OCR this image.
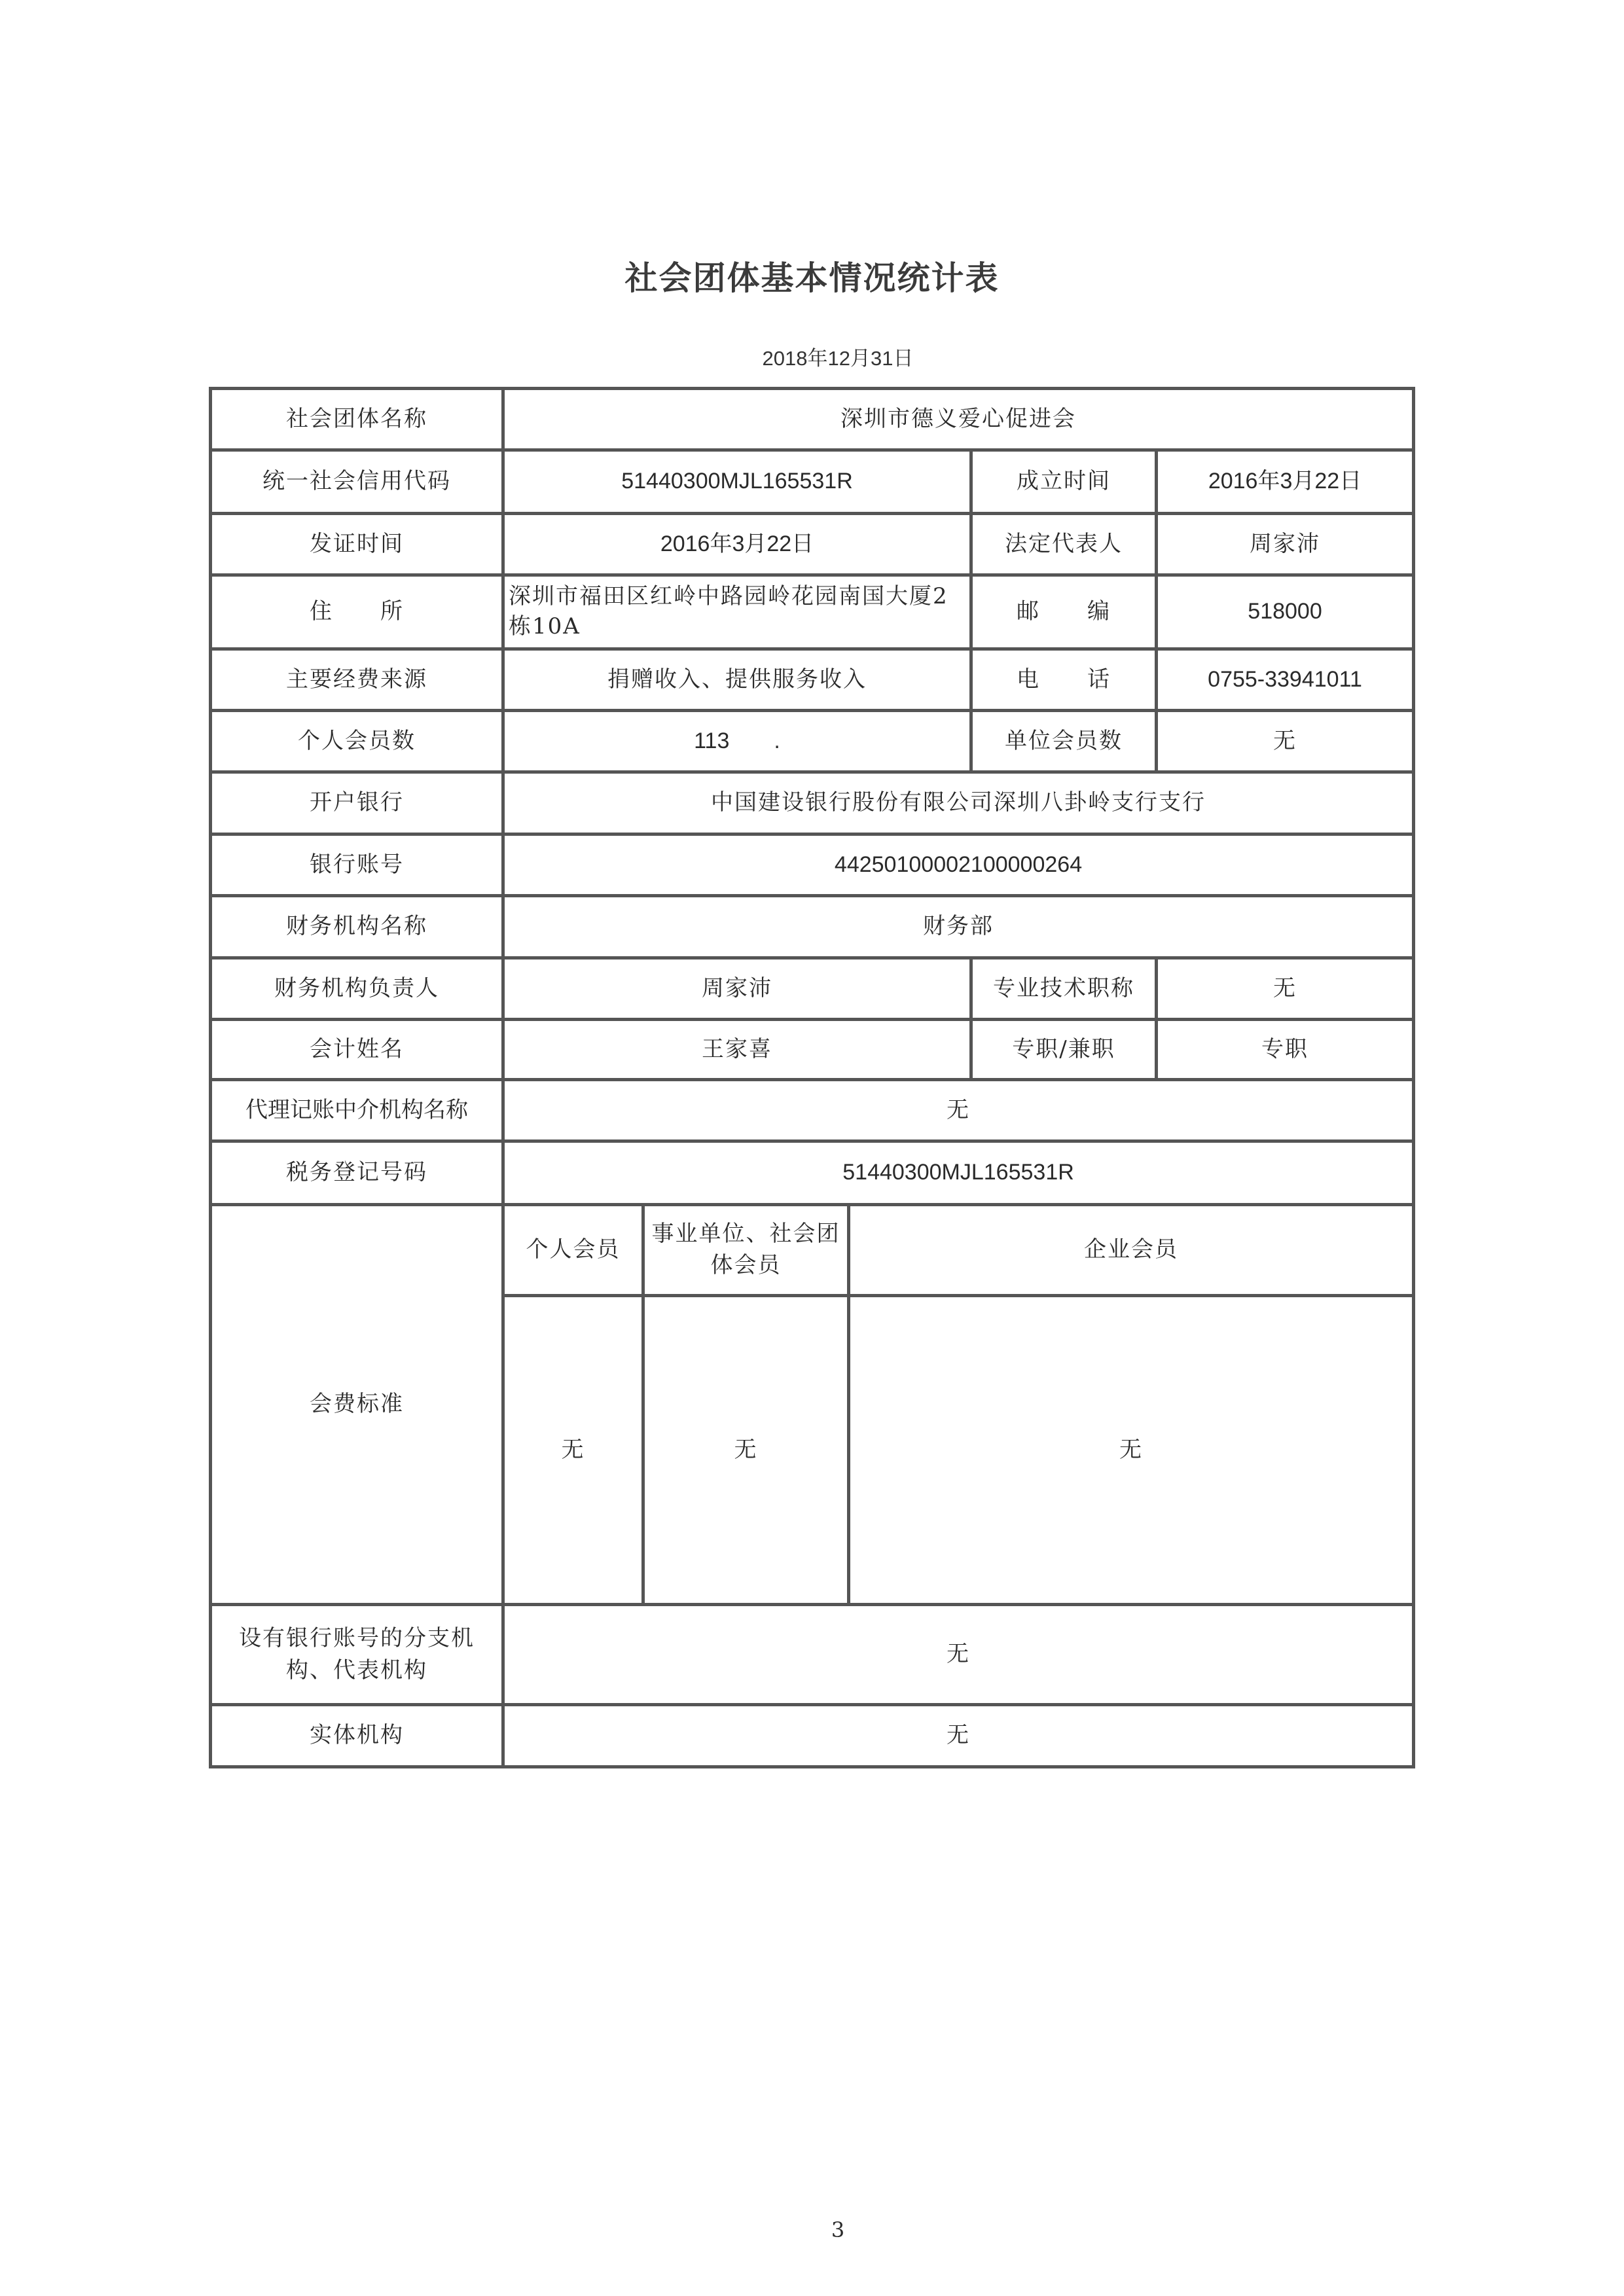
社会团体基本情况统计表
2018年12月31日
社会团体名称	深圳市德义爱心促进会				
统一社会信用代码	51440300MJL165531R			成立时间	2016年3月22日
发证时间	2016年3月22日			法定代表人	周家沛
住　　所	深圳市福田区红岭中路园岭花园南国大厦2栋10A			邮　　编	518000
主要经费来源	捐赠收入、提供服务收入			电　　话	0755-33941011
个人会员数	113　　.			单位会员数	无
开户银行	中国建设银行股份有限公司深圳八卦岭支行支行				
银行账号	44250100002100000264				
财务机构名称	财务部				
财务机构负责人	周家沛			专业技术职称	无
会计姓名	王家喜			专职/兼职	专职
代理记账中介机构名称	无				
税务登记号码	51440300MJL165531R				
会费标准	个人会员	事业单位、社会团体会员	企业会员		
	无	无	无		
设有银行账号的分支机构、代表机构	无				
实体机构	无				
3
